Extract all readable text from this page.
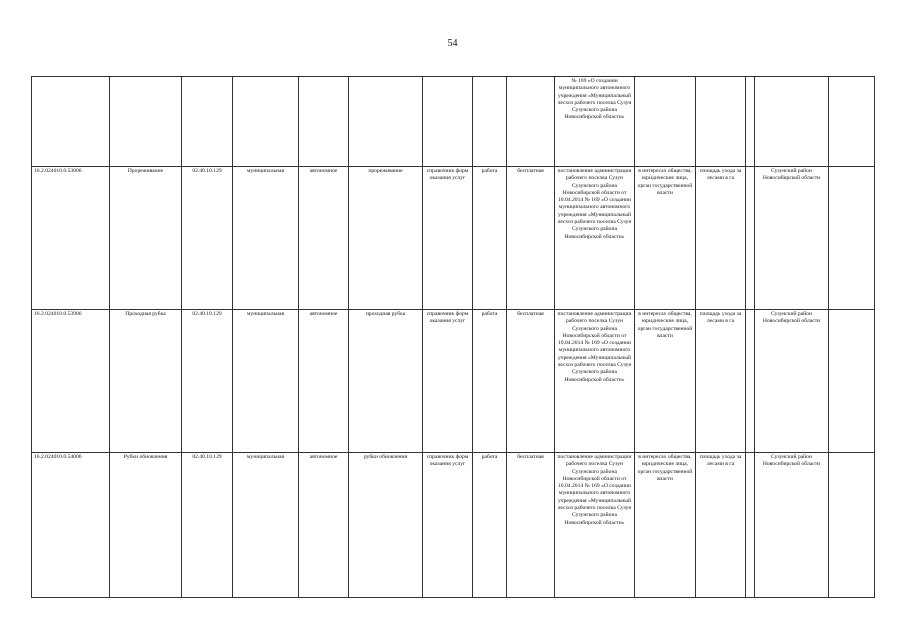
54
									№ 169 «О создании муниципального автономного учреждения «Муниципальный лесхоз рабочего поселка Сузун Сузунского района Новосибирской области»					
16.2.024010.0.53806	Прореживание	02.40.10.129	муниципальная	автономное	прореживание	справочник форм оказания услуг	работа	бесплатная	постановление администрации рабочего поселка Сузун Сузунского района Новосибирской области от 10.04.2014 № 169 «О создании муниципального автономного учреждения «Муниципальный лесхоз рабочего поселка Сузун Сузунского района Новосибирской области»	в интересах общества, юридические лица, орган государственной власти	площадь ухода за лесами в га		Сузунский район Новосибирской области	
16.2.024010.0.53906	Проходная рубка	02.40.10.129	муниципальная	автономное	проходная рубка	справочник форм оказания услуг	работа	бесплатная	постановление администрации рабочего поселка Сузун Сузунского района Новосибирской области от 10.04.2014 № 169 «О создании муниципального автономного учреждения «Муниципальный лесхоз рабочего поселка Сузун Сузунского района Новосибирской области»	в интересах общества, юридические лица, орган государственной власти	площадь ухода за лесами в га		Сузунский район Новосибирской области	
16.2.024010.0.54006	Рубки обновления	02.40.10.129	муниципальная	автономное	рубки обновления	справочник форм оказания услуг	работа	бесплатная	постановление администрации рабочего поселка Сузун Сузунского района Новосибирской области от 10.04.2014 № 169 «О создании муниципального автономного учреждения «Муниципальный лесхоз рабочего поселка Сузун Сузунского района Новосибирской области»	в интересах общества, юридические лица, орган государственной власти	площадь ухода за лесами в га		Сузунский район Новосибирской области	
